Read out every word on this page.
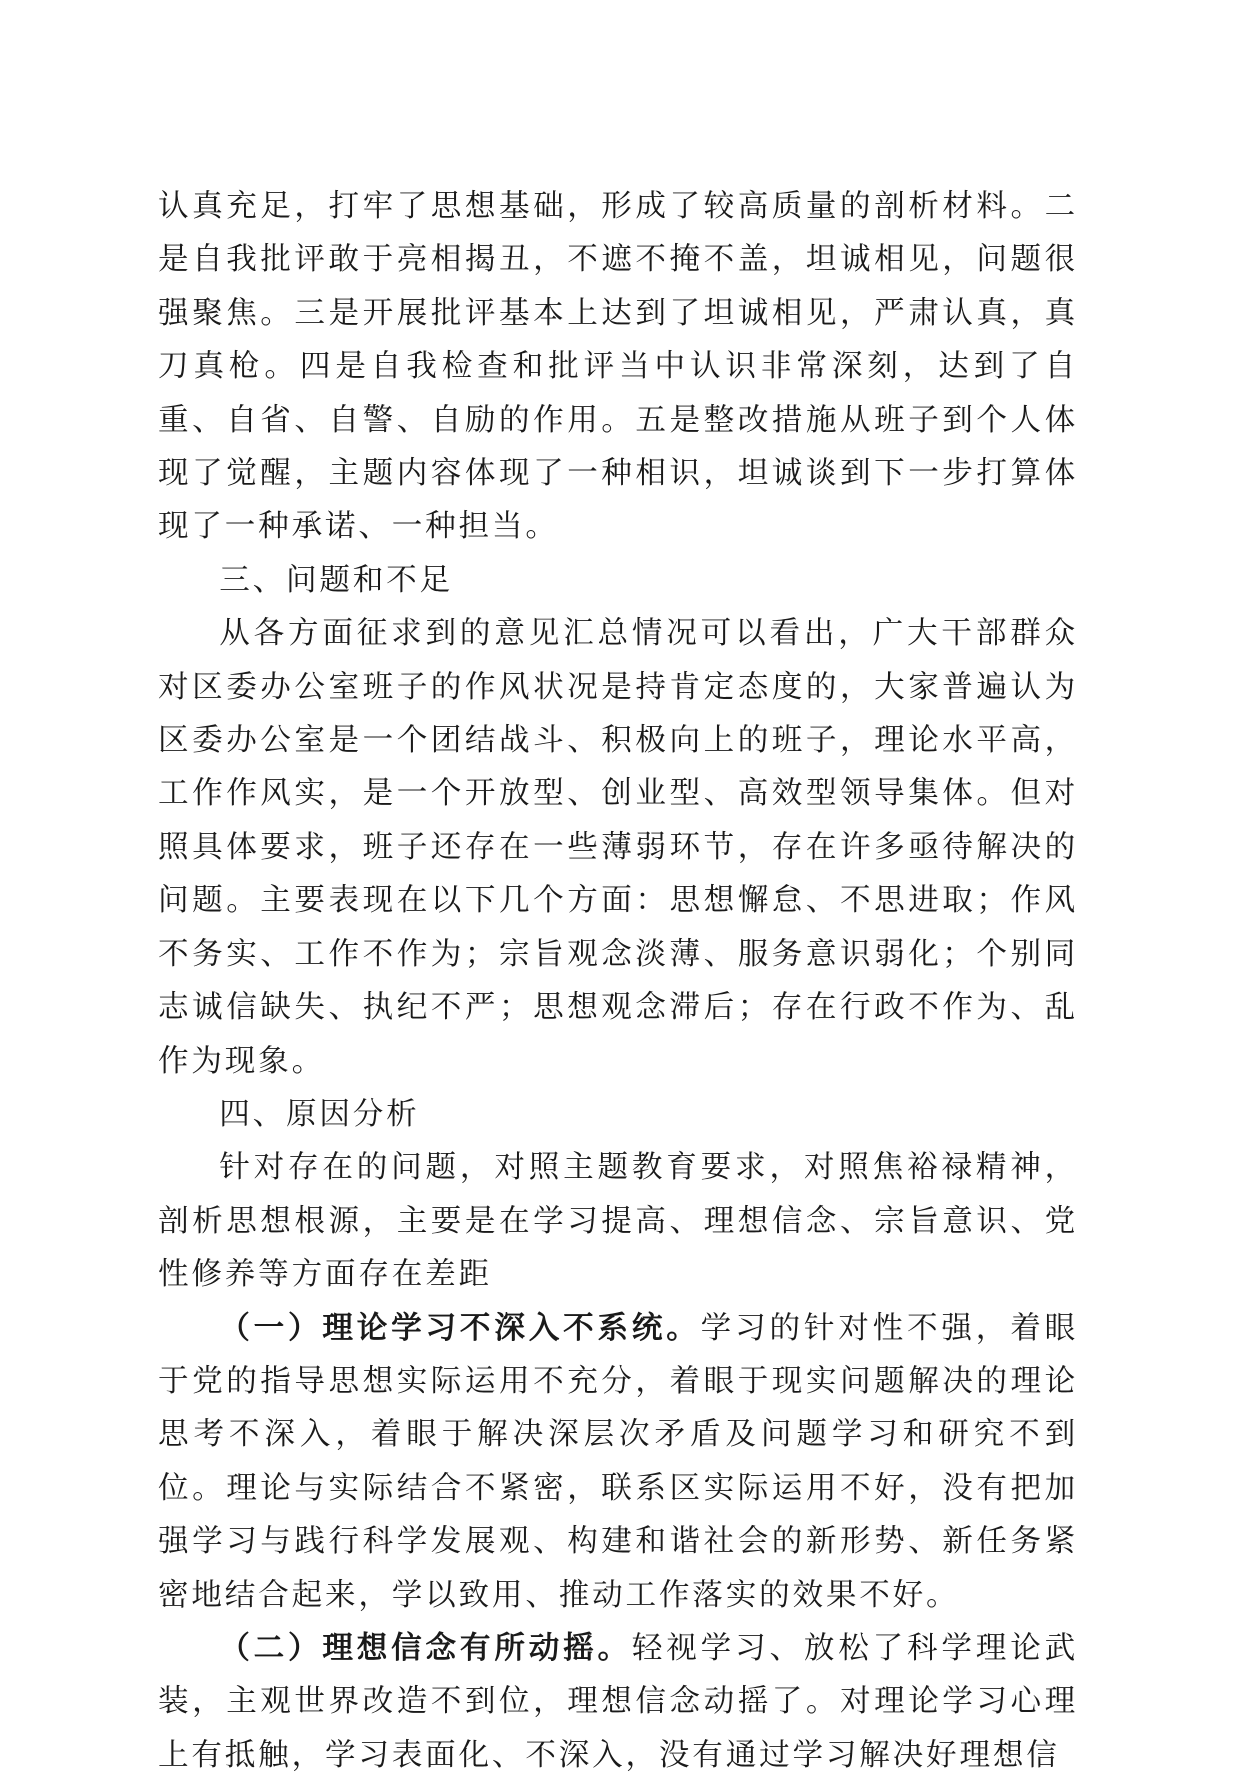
认真充足，打牢了思想基础，形成了较高质量的剖析材料。二是自我批评敢于亮相揭丑，不遮不掩不盖，坦诚相见，问题很强聚焦。三是开展批评基本上达到了坦诚相见，严肃认真，真刀真枪。四是自我检查和批评当中认识非常深刻，达到了自重、自省、自警、自励的作用。五是整改措施从班子到个人体现了觉醒，主题内容体现了一种相识，坦诚谈到下一步打算体现了一种承诺、一种担当。

三、问题和不足

从各方面征求到的意见汇总情况可以看出，广大干部群众对区委办公室班子的作风状况是持肯定态度的，大家普遍认为区委办公室是一个团结战斗、积极向上的班子，理论水平高，工作作风实，是一个开放型、创业型、高效型领导集体。但对照具体要求，班子还存在一些薄弱环节，存在许多亟待解决的问题。主要表现在以下几个方面：思想懈怠、不思进取；作风不务实、工作不作为；宗旨观念淡薄、服务意识弱化；个别同志诚信缺失、执纪不严；思想观念滞后；存在行政不作为、乱作为现象。

四、原因分析

针对存在的问题，对照主题教育要求，对照焦裕禄精神，剖析思想根源，主要是在学习提高、理想信念、宗旨意识、党性修养等方面存在差距

（一）理论学习不深入不系统。学习的针对性不强，着眼于党的指导思想实际运用不充分，着眼于现实问题解决的理论思考不深入，着眼于解决深层次矛盾及问题学习和研究不到位。理论与实际结合不紧密，联系区实际运用不好，没有把加强学习与践行科学发展观、构建和谐社会的新形势、新任务紧密地结合起来，学以致用、推动工作落实的效果不好。

（二）理想信念有所动摇。轻视学习、放松了科学理论武装，主观世界改造不到位，理想信念动摇了。对理论学习心理上有抵触，学习表面化、不深入，没有通过学习解决好理想信
